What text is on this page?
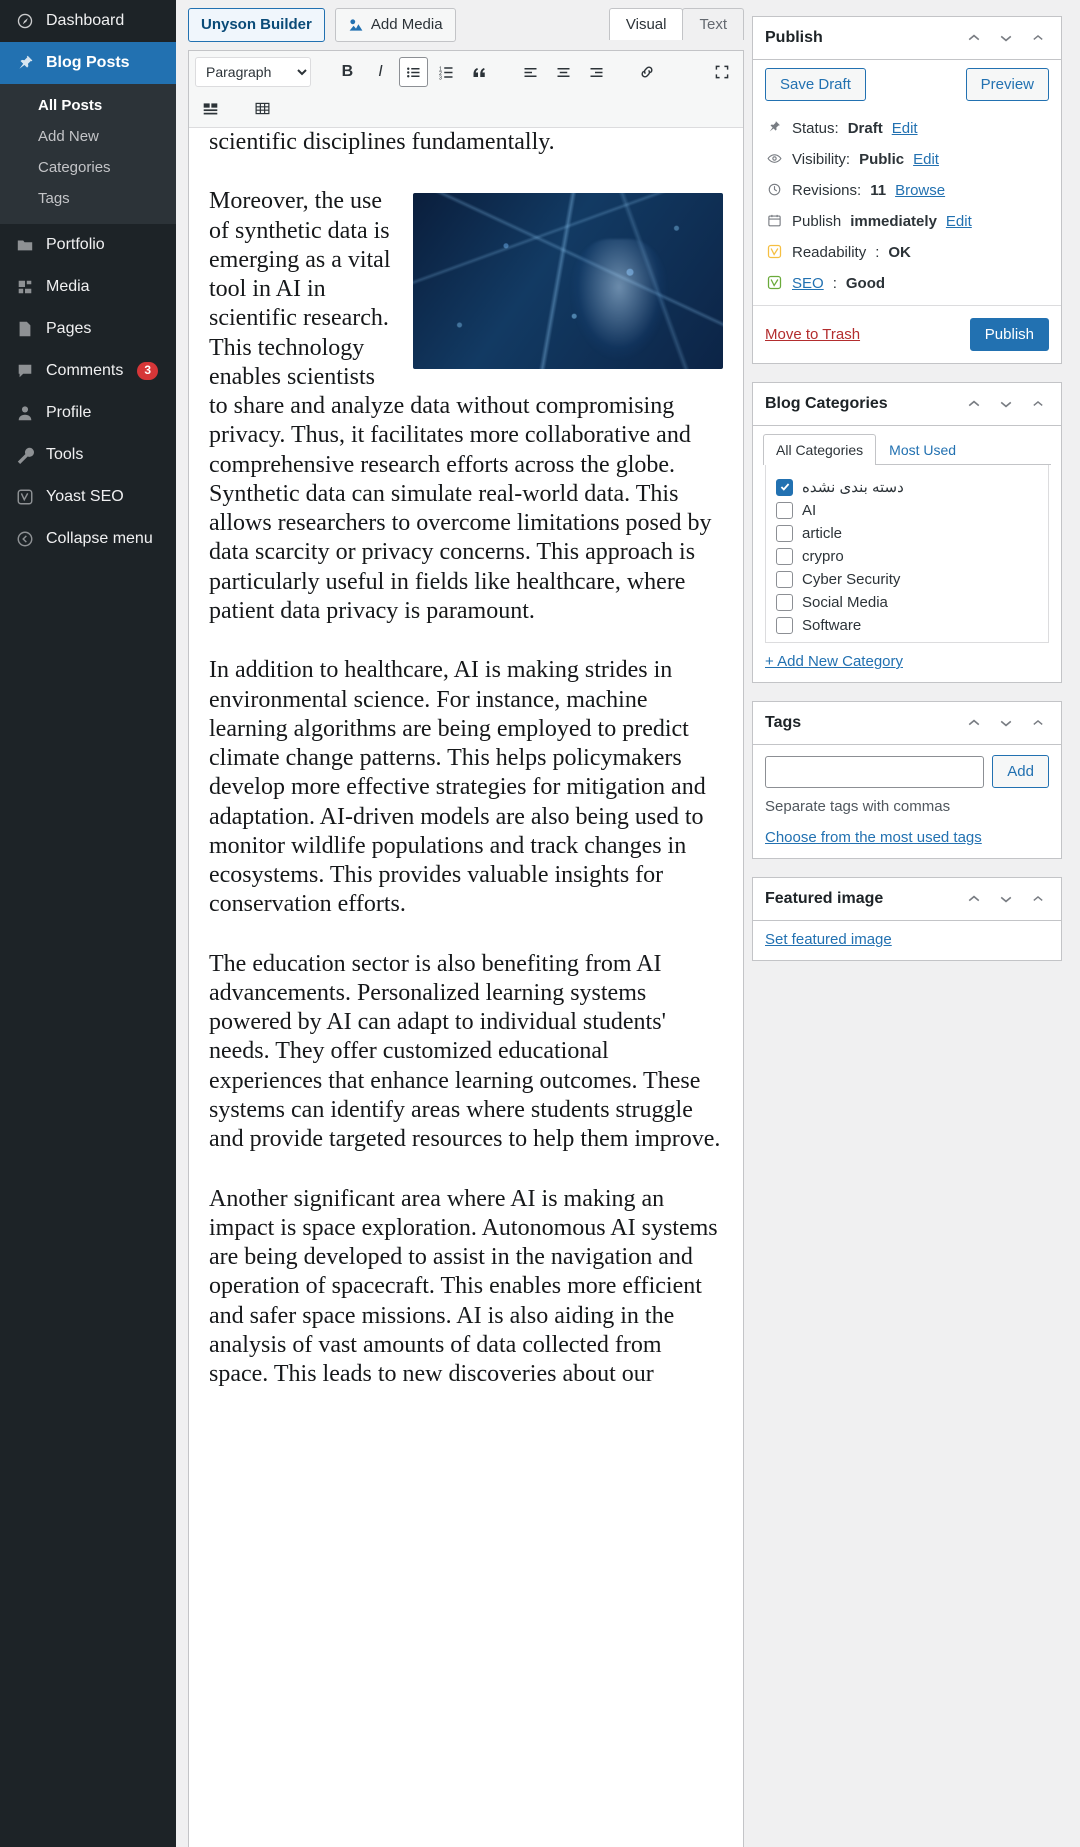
Dashboard
Blog Posts
All Posts
Add New
Categories
Tags
Portfolio
Media
Pages
Comments	3
Profile
Tools
Yoast SEO
Collapse menu
Unyson Builder	Add Media	Visual	Text
Paragraph
B I	1
2
3

scientific disciplines fundamentally.

Moreover, the use of synthetic data is emerging as a vital tool in AI in scientific research. This technology enables scientists to share and analyze data without compromising privacy. Thus, it facilitates more collaborative and comprehensive research efforts across the globe. Synthetic data can simulate real-world data. This allows researchers to overcome limitations posed by data scarcity or privacy concerns. This approach is particularly useful in fields like healthcare, where patient data privacy is paramount.

In addition to healthcare, AI is making strides in environmental science. For instance, machine learning algorithms are being employed to predict climate change patterns. This helps policymakers develop more effective strategies for mitigation and adaptation. AI-driven models are also being used to monitor wildlife populations and track changes in ecosystems. This provides valuable insights for conservation efforts.

The education sector is also benefiting from AI advancements. Personalized learning systems powered by AI can adapt to individual students' needs. They offer customized educational experiences that enhance learning outcomes. These systems can identify areas where students struggle and provide targeted resources to help them improve.

Another significant area where AI is making an impact is space exploration. Autonomous AI systems are being developed to assist in the navigation and operation of spacecraft. This enables more efficient and safer space missions. AI is also aiding in the analysis of vast amounts of data collected from space. This leads to new discoveries about our

Publish
Save Draft	Preview
Status: Draft Edit
Visibility: Public Edit
Revisions: 11 Browse
Publish immediately Edit
Readability : OK
SEO : Good
Move to Trash	Publish
Blog Categories
All Categories	Most Used
دسته بندی نشده
AI
article
crypro
Cyber Security
Social Media
Software
+ Add New Category
Tags
Add
Separate tags with commas
Choose from the most used tags
Featured image
Set featured image
